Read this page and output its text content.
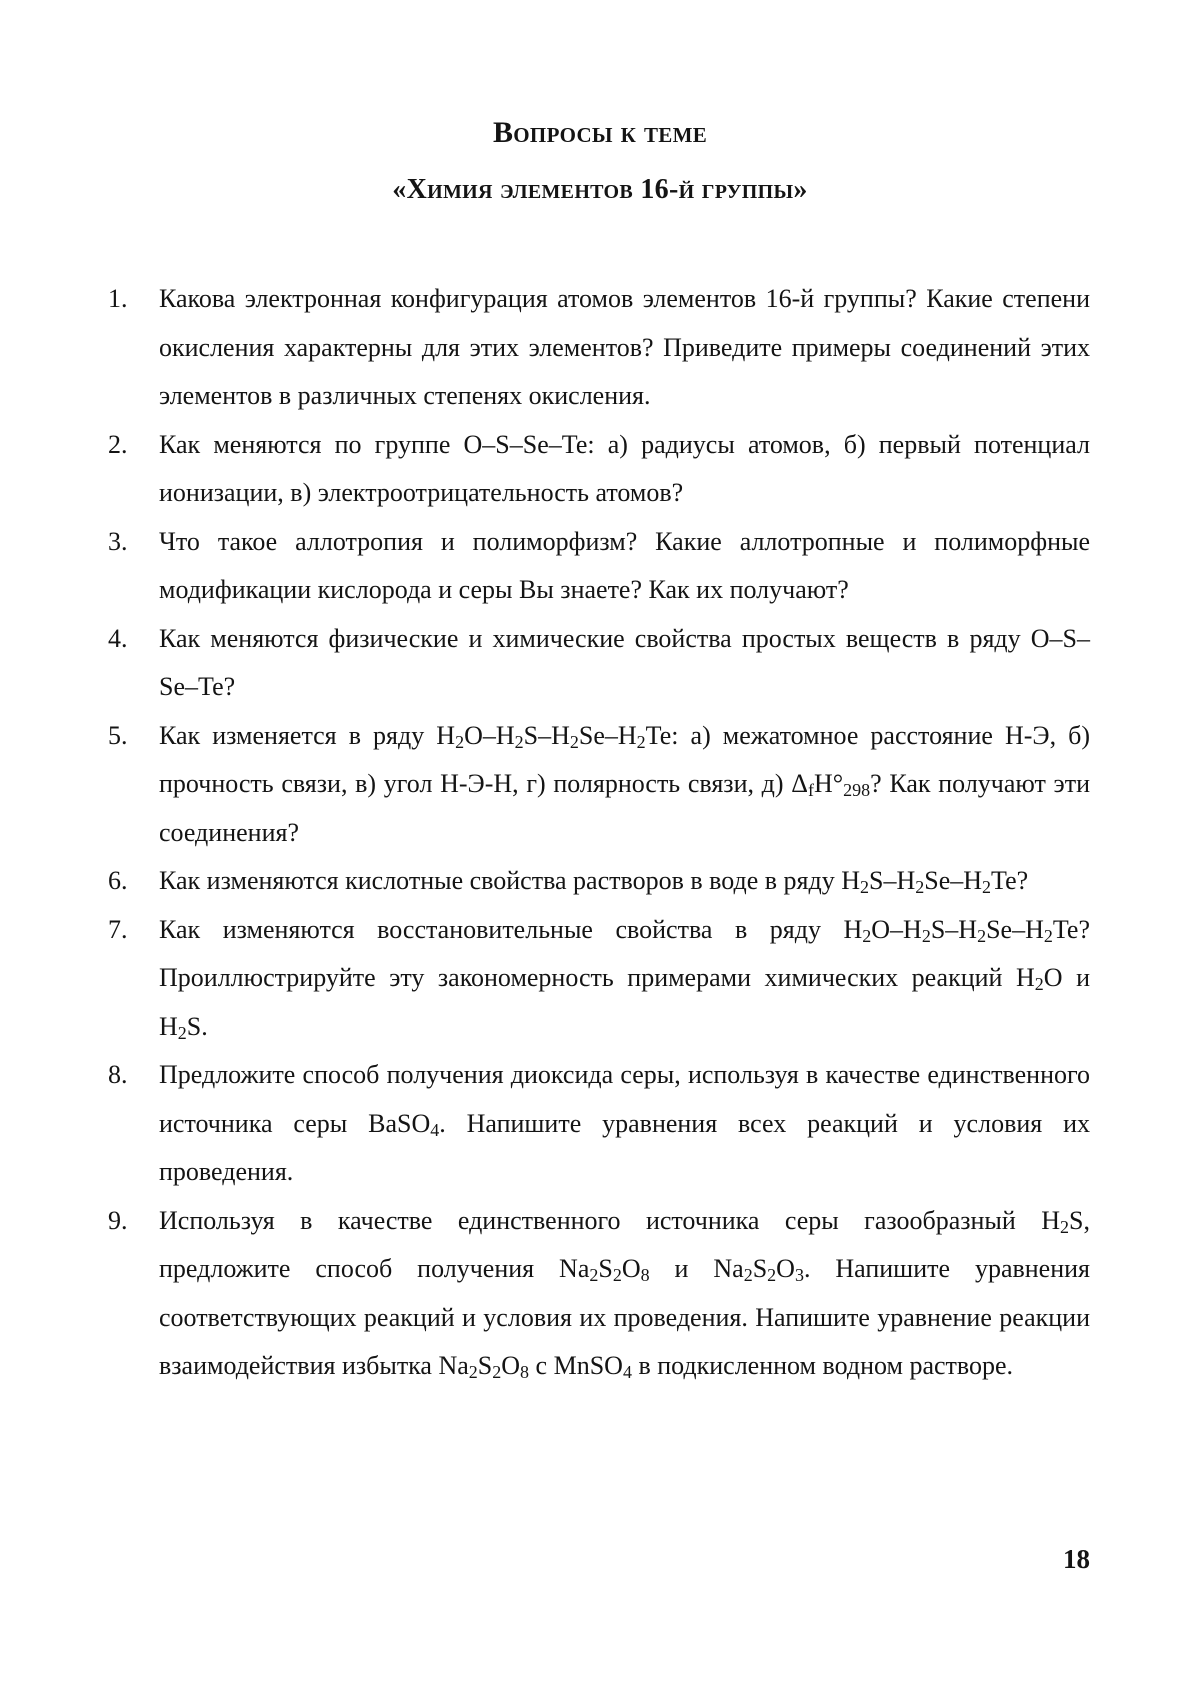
Вопросы к теме
«Химия элементов 16-й группы»
1. Какова электронная конфигурация атомов элементов 16-й группы? Какие степени окисления характерны для этих элементов? Приведите примеры соединений этих элементов в различных степенях окисления.
2. Как меняются по группе O–S–Se–Te: а) радиусы атомов, б) первый потенциал ионизации, в) электроотрицательность атомов?
3. Что такое аллотропия и полиморфизм? Какие аллотропные и полиморфные модификации кислорода и серы Вы знаете? Как их получают?
4. Как меняются физические и химические свойства простых веществ в ряду O–S–Se–Te?
5. Как изменяется в ряду $H_2O-H_2S-H_2Se-H_2Te$: а) межатомное расстояние Н-Э, б) прочность связи, в) угол Н-Э-Н, г) полярность связи, д) $\Delta_fH^\circ_{298}$? Как получают эти соединения?
6. Как изменяются кислотные свойства растворов в воде в ряду $H_2S-H_2Se-H_2Te$?
7. Как изменяются восстановительные свойства в ряду $H_2O-H_2S-H_2Se-H_2Te$? Проиллюстрируйте эту закономерность примерами химических реакций $H_2O$ и $H_2S$.
8. Предложите способ получения диоксида серы, используя в качестве единственного источника серы BaSO$_4$. Напишите уравнения всех реакций и условия их проведения.
9. Используя в качестве единственного источника серы газообразный $H_2S$, предложите способ получения $Na_2S_2O_8$ и $Na_2S_2O_3$. Напишите уравнения соответствующих реакций и условия их проведения. Напишите уравнение реакции взаимодействия избытка $Na_2S_2O_8$ с MnSO$_4$ в подкисленном водном растворе.
18
